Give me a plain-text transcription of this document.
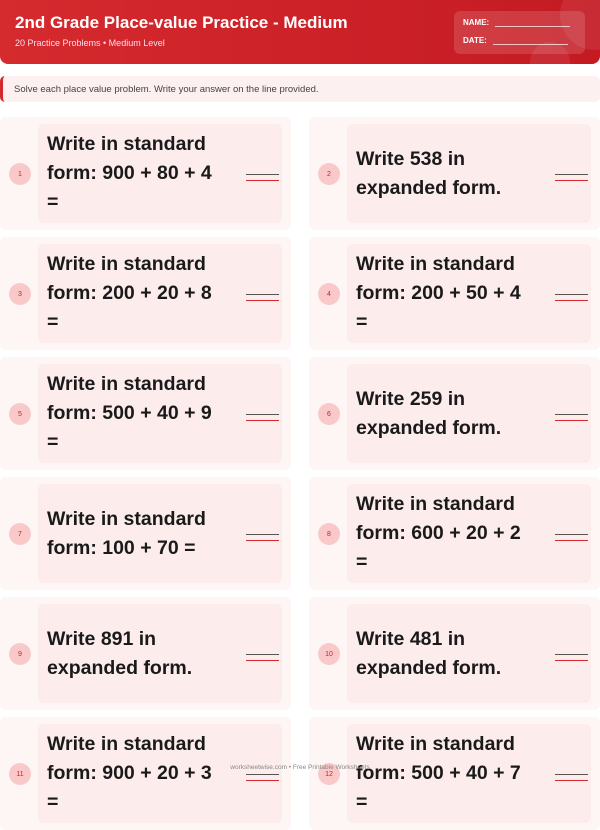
2nd Grade Place-value Practice - Medium
20 Practice Problems • Medium Level
NAME:
DATE:
Solve each place value problem. Write your answer on the line provided.
1
Write in standard form: 900 + 80 + 4 =
2
Write 538 in expanded form.
3
Write in standard form: 200 + 20 + 8 =
4
Write in standard form: 200 + 50 + 4 =
5
Write in standard form: 500 + 40 + 9 =
6
Write 259 in expanded form.
7
Write in standard form: 100 + 70 =
8
Write in standard form: 600 + 20 + 2 =
9
Write 891 in expanded form.
10
Write 481 in expanded form.
11
Write in standard form: 900 + 20 + 3 =
12
Write in standard form: 500 + 40 + 7 =
worksheetwise.com • Free Printable Worksheets
